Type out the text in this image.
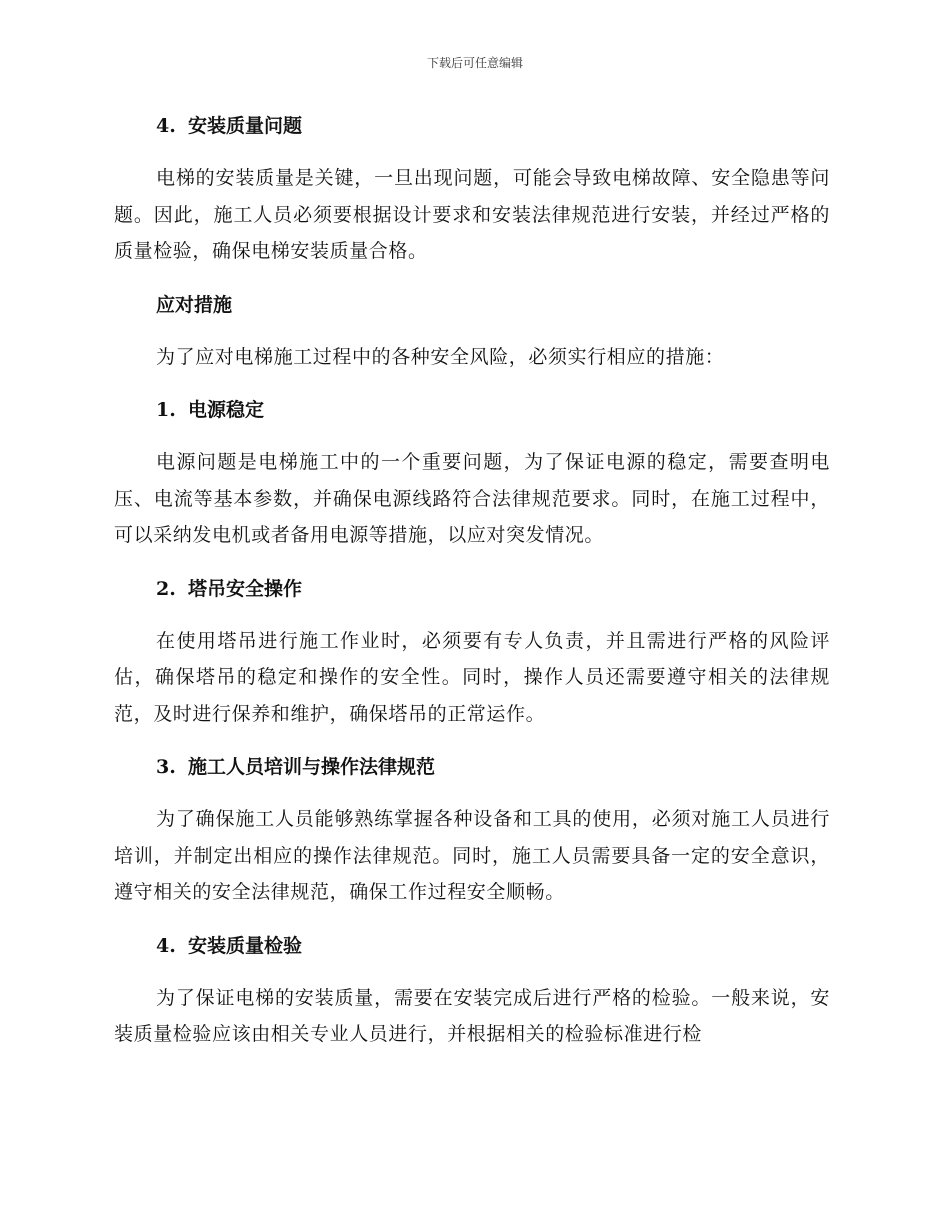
下载后可任意编辑
4. 安装质量问题
电梯的安装质量是关键，一旦出现问题，可能会导致电梯故障、安全隐患等问题。因此，施工人员必须要根据设计要求和安装法律规范进行安装，并经过严格的质量检验，确保电梯安装质量合格。
应对措施
为了应对电梯施工过程中的各种安全风险，必须实行相应的措施：
1. 电源稳定
电源问题是电梯施工中的一个重要问题，为了保证电源的稳定，需要查明电压、电流等基本参数，并确保电源线路符合法律规范要求。同时，在施工过程中，可以采纳发电机或者备用电源等措施，以应对突发情况。
2. 塔吊安全操作
在使用塔吊进行施工作业时，必须要有专人负责，并且需进行严格的风险评估，确保塔吊的稳定和操作的安全性。同时，操作人员还需要遵守相关的法律规范，及时进行保养和维护，确保塔吊的正常运作。
3. 施工人员培训与操作法律规范
为了确保施工人员能够熟练掌握各种设备和工具的使用，必须对施工人员进行培训，并制定出相应的操作法律规范。同时，施工人员需要具备一定的安全意识，遵守相关的安全法律规范，确保工作过程安全顺畅。
4. 安装质量检验
为了保证电梯的安装质量，需要在安装完成后进行严格的检验。一般来说，安装质量检验应该由相关专业人员进行，并根据相关的检验标准进行检
